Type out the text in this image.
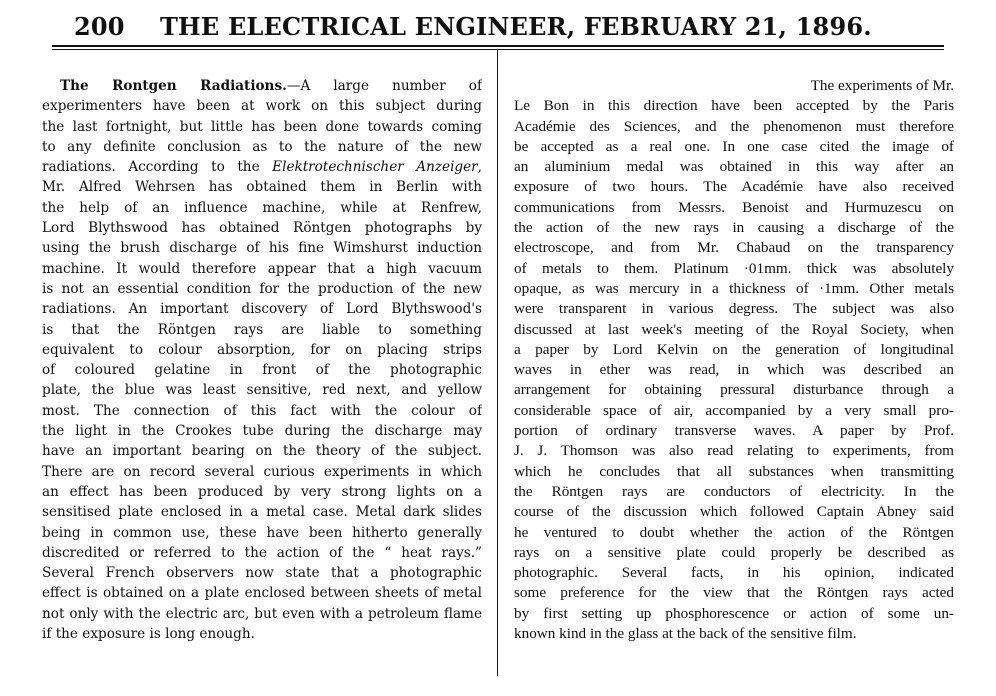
200 THE ELECTRICAL ENGINEER, FEBRUARY 21, 1896.
The Rontgen Radiations.—A large number of
experimenters have been at work on this subject during
the last fortnight, but little has been done towards coming
to any definite conclusion as to the nature of the new
radiations. According to the Elektrotechnischer Anzeiger,
Mr. Alfred Wehrsen has obtained them in Berlin with
the help of an influence machine, while at Renfrew,
Lord Blythswood has obtained Röntgen photographs by
using the brush discharge of his fine Wimshurst induction
machine. It would therefore appear that a high vacuum
is not an essential condition for the production of the new
radiations. An important discovery of Lord Blythswood's
is that the Röntgen rays are liable to something
equivalent to colour absorption, for on placing strips
of coloured gelatine in front of the photographic
plate, the blue was least sensitive, red next, and yellow
most. The connection of this fact with the colour of
the light in the Crookes tube during the discharge may
have an important bearing on the theory of the subject.
There are on record several curious experiments in which
an effect has been produced by very strong lights on a
sensitised plate enclosed in a metal case. Metal dark slides
being in common use, these have been hitherto generally
discredited or referred to the action of the “ heat rays.”
Several French observers now state that a photographic
effect is obtained on a plate enclosed between sheets of metal
not only with the electric arc, but even with a petroleum flame
if the exposure is long enough.
The experiments of Mr.
Le Bon in this direction have been accepted by the Paris
Académie des Sciences, and the phenomenon must therefore
be accepted as a real one. In one case cited the image of
an aluminium medal was obtained in this way after an
exposure of two hours. The Académie have also received
communications from Messrs. Benoist and Hurmuzescu on
the action of the new rays in causing a discharge of the
electroscope, and from Mr. Chabaud on the transparency
of metals to them. Platinum ·01mm. thick was absolutely
opaque, as was mercury in a thickness of ·1mm. Other metals
were transparent in various degress. The subject was also
discussed at last week's meeting of the Royal Society, when
a paper by Lord Kelvin on the generation of longitudinal
waves in ether was read, in which was described an
arrangement for obtaining pressural disturbance through a
considerable space of air, accompanied by a very small pro-
portion of ordinary transverse waves. A paper by Prof.
J. J. Thomson was also read relating to experiments, from
which he concludes that all substances when transmitting
the Röntgen rays are conductors of electricity. In the
course of the discussion which followed Captain Abney said
he ventured to doubt whether the action of the Röntgen
rays on a sensitive plate could properly be described as
photographic. Several facts, in his opinion, indicated
some preference for the view that the Röntgen rays acted
by first setting up phosphorescence or action of some un-
known kind in the glass at the back of the sensitive film.
